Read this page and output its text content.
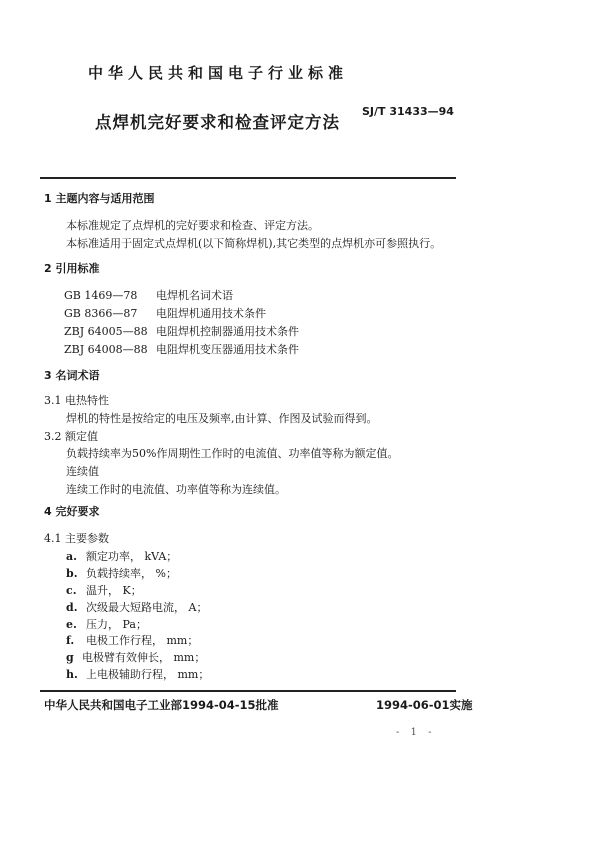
中华人民共和国电子行业标准
SJ/T 31433—94
点焊机完好要求和检查评定方法
1 主题内容与适用范围
本标准规定了点焊机的完好要求和检查、评定方法。
本标准适用于固定式点焊机(以下简称焊机),其它类型的点焊机亦可参照执行。
2 引用标准
GB 1469—78 电焊机名词术语
GB 8366—87 电阻焊机通用技术条件
ZBJ 64005—88 电阻焊机控制器通用技术条件
ZBJ 64008—88 电阻焊机变压器通用技术条件
3 名词术语
3.1 电热特性
焊机的特性是按给定的电压及频率,由计算、作图及试验而得到。
3.2 额定值
负载持续率为50%作周期性工作时的电流值、功率值等称为额定值。
连续值
连续工作时的电流值、功率值等称为连续值。
4 完好要求
4.1 主要参数
a. 额定功率， kVA；
b. 负载持续率， %；
c. 温升， K；
d. 次级最大短路电流， A；
e. 压力， Pa；
f. 电极工作行程， mm；
g 电极臂有效伸长， mm；
h. 上电极辅助行程， mm；
中华人民共和国电子工业部1994-04-15批准	1994-06-01实施
- 1 -
